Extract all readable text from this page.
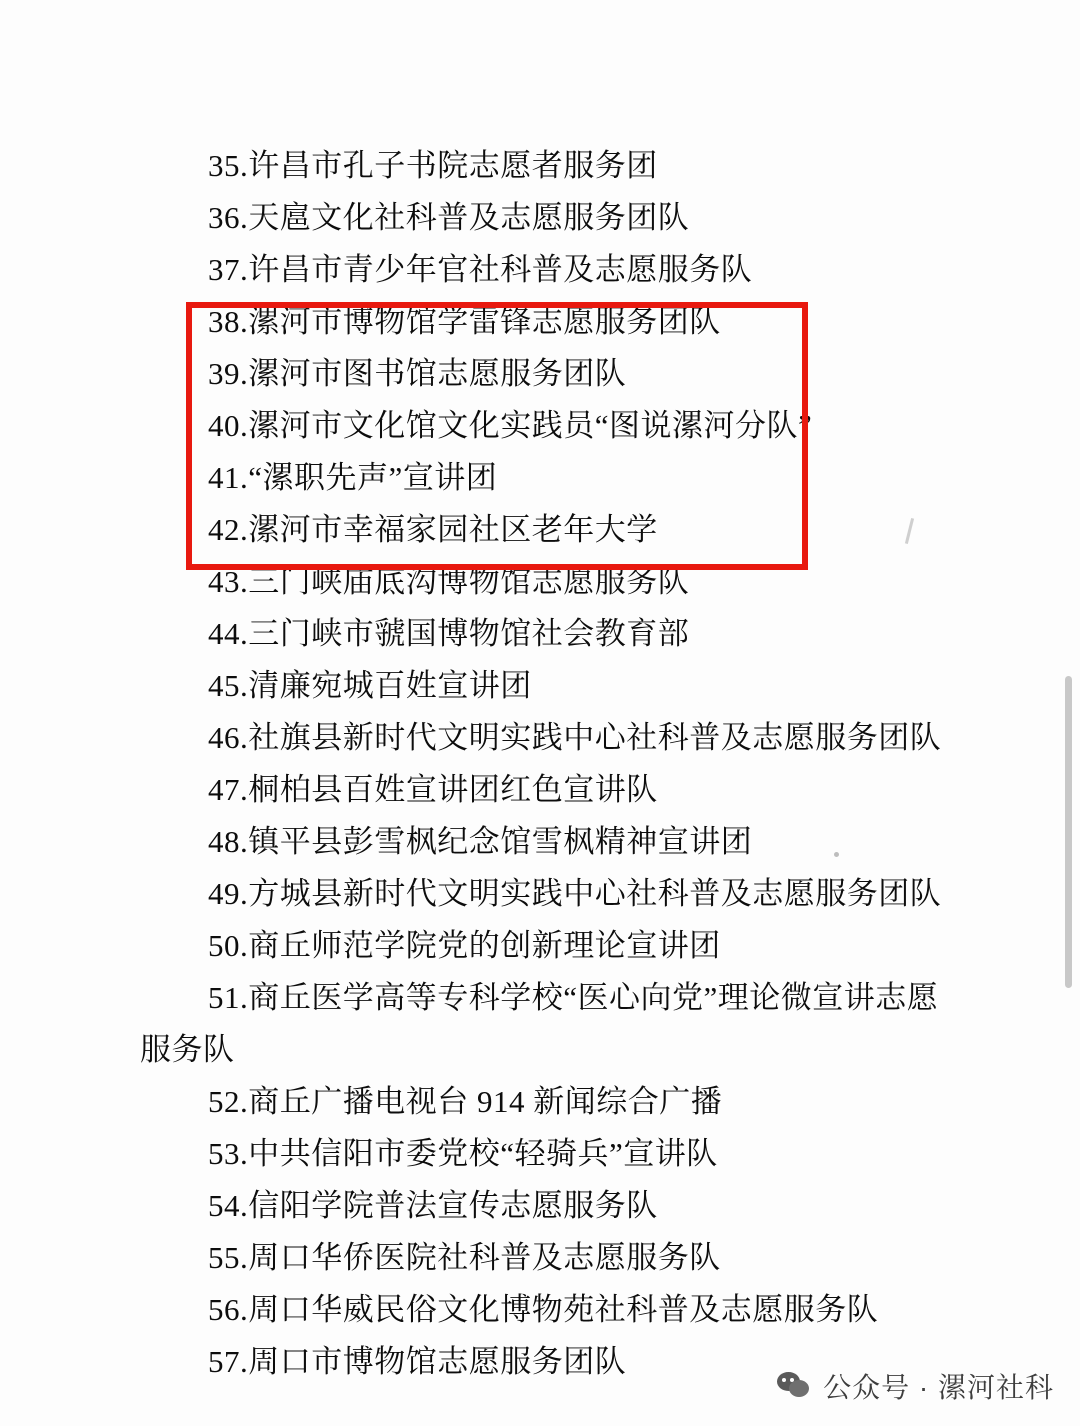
35.许昌市孔子书院志愿者服务团
36.天扈文化社科普及志愿服务团队
37.许昌市青少年官社科普及志愿服务队
38.漯河市博物馆学雷锋志愿服务团队
39.漯河市图书馆志愿服务团队
40.漯河市文化馆文化实践员“图说漯河分队”
41.“漯职先声”宣讲团
42.漯河市幸福家园社区老年大学
43.三门峡庙底沟博物馆志愿服务队
44.三门峡市虢国博物馆社会教育部
45.清廉宛城百姓宣讲团
46.社旗县新时代文明实践中心社科普及志愿服务团队
47.桐柏县百姓宣讲团红色宣讲队
48.镇平县彭雪枫纪念馆雪枫精神宣讲团
49.方城县新时代文明实践中心社科普及志愿服务团队
50.商丘师范学院党的创新理论宣讲团
51.商丘医学高等专科学校“医心向党”理论微宣讲志愿
服务队
52.商丘广播电视台 914 新闻综合广播
53.中共信阳市委党校“轻骑兵”宣讲队
54.信阳学院普法宣传志愿服务队
55.周口华侨医院社科普及志愿服务队
56.周口华威民俗文化博物苑社科普及志愿服务队
57.周口市博物馆志愿服务团队
公众号 · 漯河社科
